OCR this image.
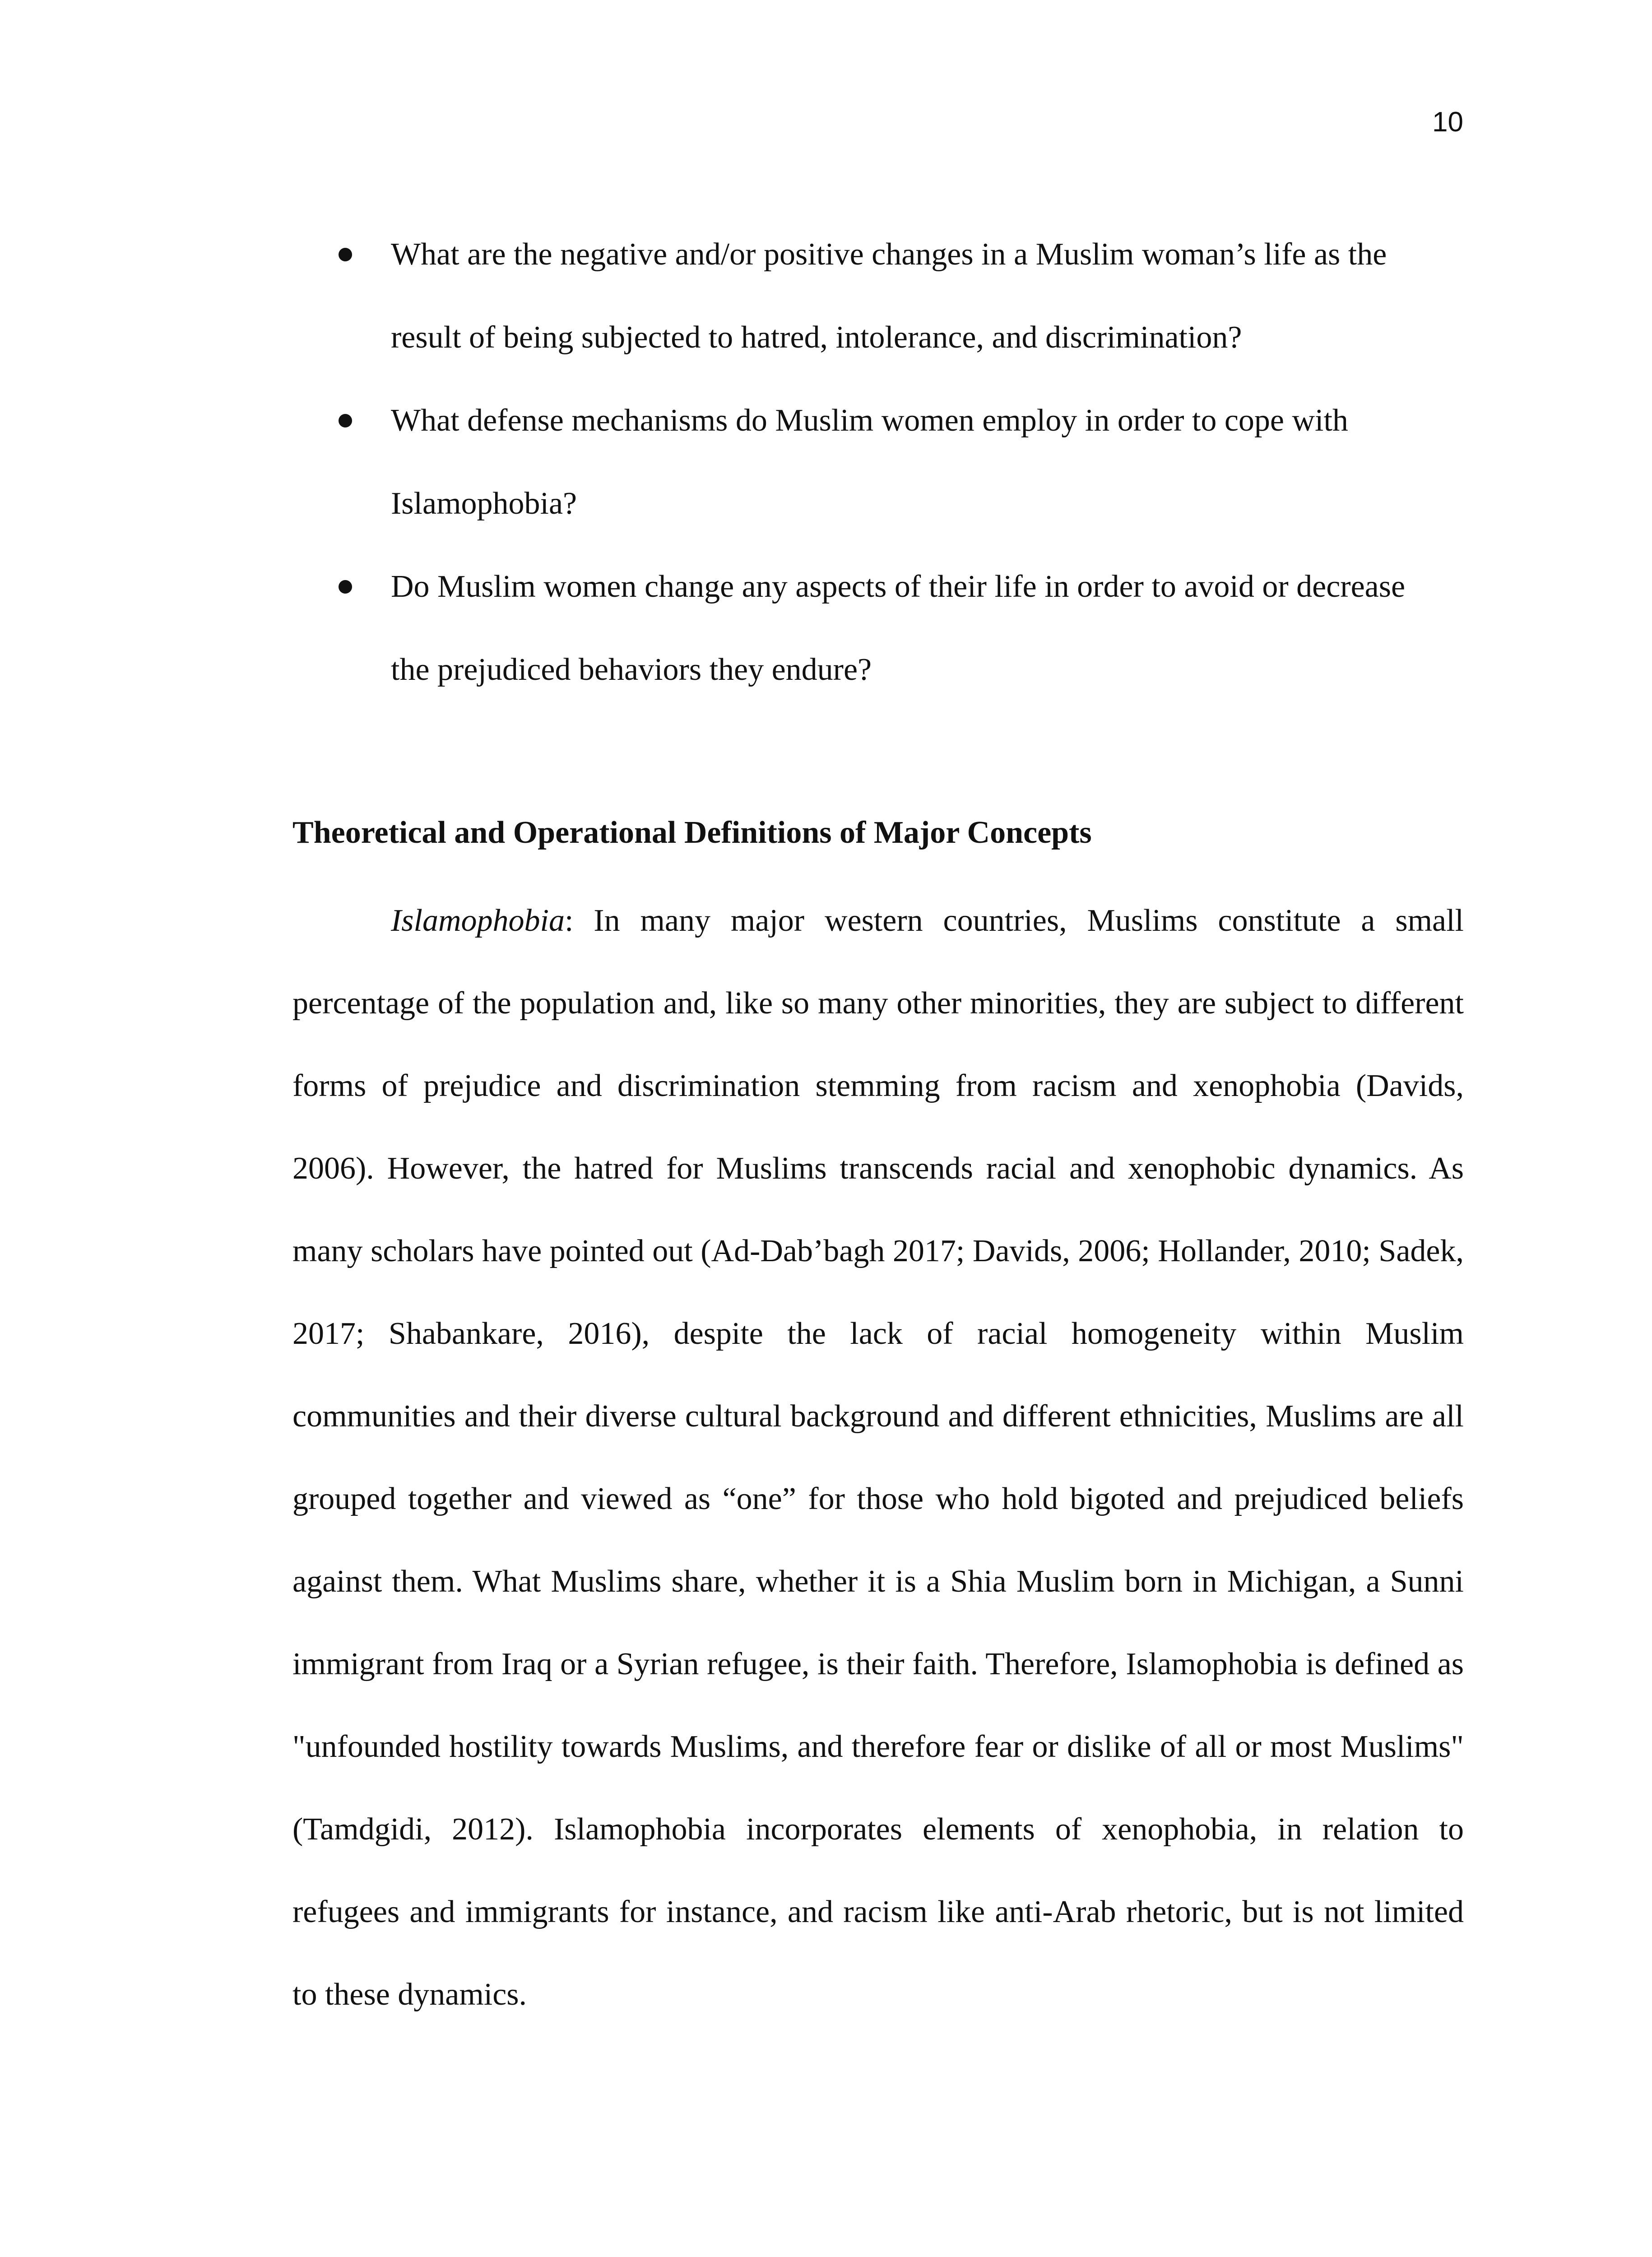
10
What are the negative and/or positive changes in a Muslim woman’s life as the result of being subjected to hatred, intolerance, and discrimination?
What defense mechanisms do Muslim women employ in order to cope with Islamophobia?
Do Muslim women change any aspects of their life in order to avoid or decrease the prejudiced behaviors they endure?
Theoretical and Operational Definitions of Major Concepts

Islamophobia: In many major western countries, Muslims constitute a small percentage of the population and, like so many other minorities, they are subject to different forms of prejudice and discrimination stemming from racism and xenophobia (Davids, 2006). However, the hatred for Muslims transcends racial and xenophobic dynamics. As many scholars have pointed out (Ad-Dab’bagh 2017; Davids, 2006; Hollander, 2010; Sadek, 2017; Shabankare, 2016), despite the lack of racial homogeneity within Muslim communities and their diverse cultural background and different ethnicities, Muslims are all grouped together and viewed as “one” for those who hold bigoted and prejudiced beliefs against them. What Muslims share, whether it is a Shia Muslim born in Michigan, a Sunni immigrant from Iraq or a Syrian refugee, is their faith. Therefore, Islamophobia is defined as "unfounded hostility towards Muslims, and therefore fear or dislike of all or most Muslims" (Tamdgidi, 2012). Islamophobia incorporates elements of xenophobia, in relation to refugees and immigrants for instance, and racism like anti-Arab rhetoric, but is not limited to these dynamics.
